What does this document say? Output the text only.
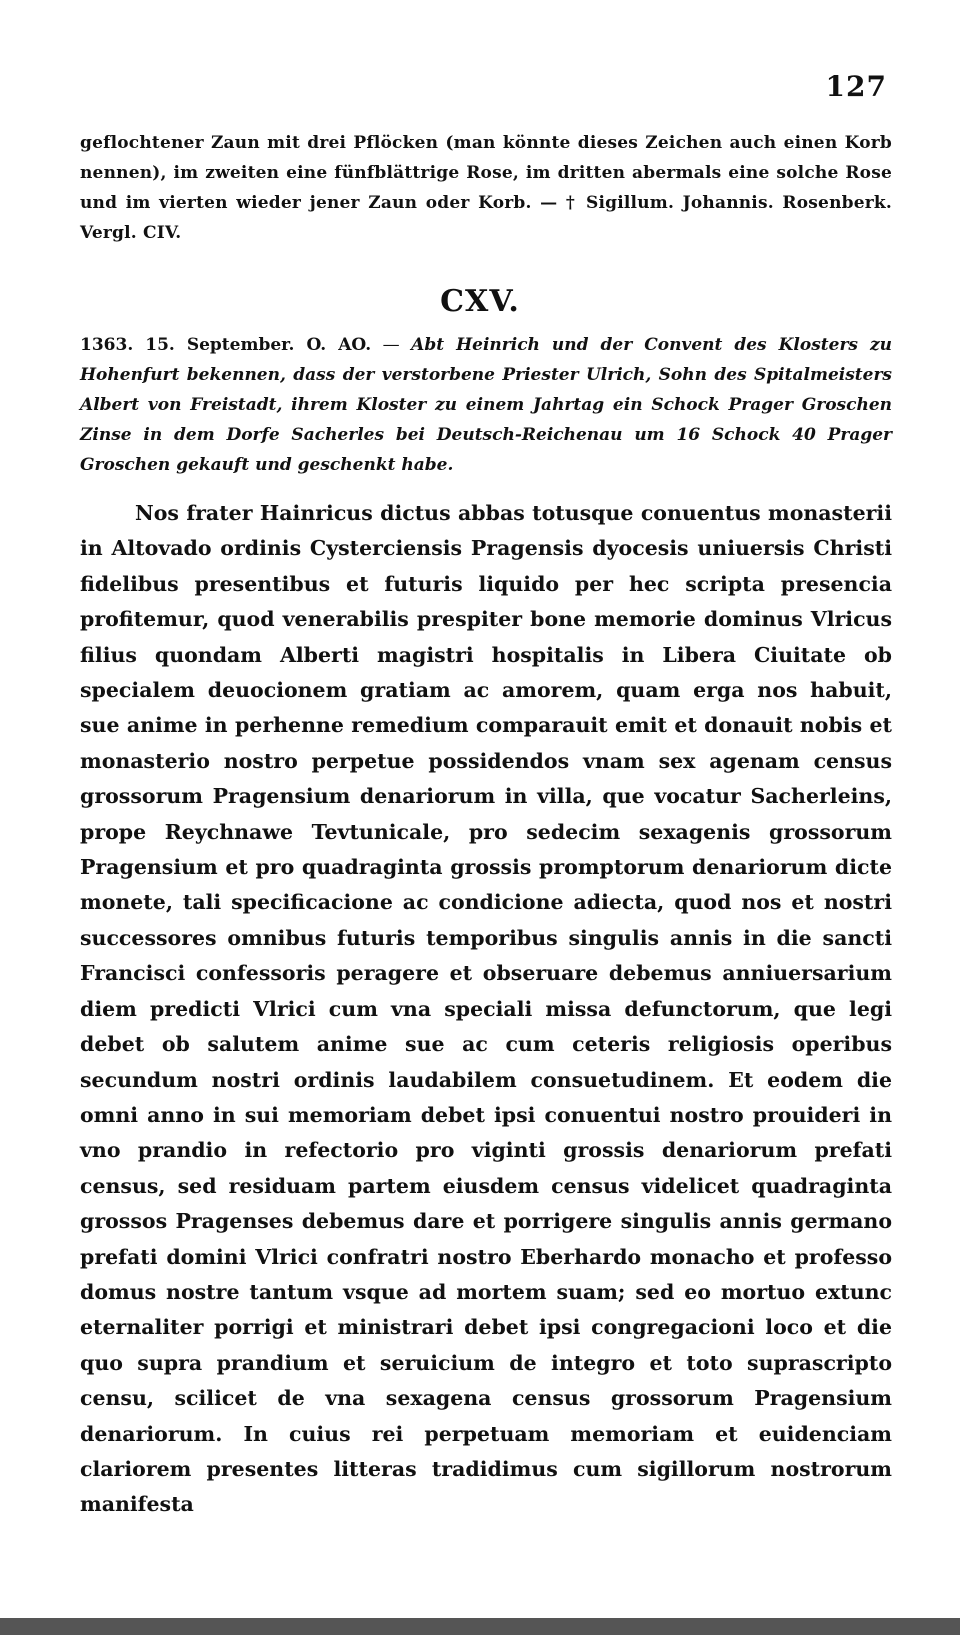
127
geflochtener Zaun mit drei Pflöcken (man könnte dieses Zeichen auch einen Korb nennen), im zweiten eine fünfblättrige Rose, im dritten abermals eine solche Rose und im vierten wieder jener Zaun oder Korb. — † Sigillum. Johannis. Rosenberk. Vergl. CIV.
CXV.
1363. 15. September. O. AO. — Abt Heinrich und der Convent des Klosters zu Hohenfurt bekennen, dass der verstorbene Priester Ulrich, Sohn des Spitalmeisters Albert von Freistadt, ihrem Kloster zu einem Jahrtag ein Schock Prager Groschen Zinse in dem Dorfe Sacherles bei Deutsch-Reichenau um 16 Schock 40 Prager Groschen gekauft und geschenkt habe.

Nos frater Hainricus dictus abbas totusque conuentus monasterii in Altovado ordinis Cysterciensis Pragensis dyocesis uniuersis Christi fidelibus presentibus et futuris liquido per hec scripta presencia profitemur, quod venerabilis prespiter bone memorie dominus Vlricus filius quondam Alberti magistri hospitalis in Libera Ciuitate ob specialem deuocionem gratiam ac amorem, quam erga nos habuit, sue anime in perhenne remedium comparauit emit et donauit nobis et monasterio nostro perpetue possidendos vnam sex agenam census grossorum Pragensium denariorum in villa, que vocatur Sacherleins, prope Reychnawe Tevtunicale, pro sedecim sexagenis grossorum Pragensium et pro quadraginta grossis promptorum denariorum dicte monete, tali specificacione ac condicione adiecta, quod nos et nostri successores omnibus futuris temporibus singulis annis in die sancti Francisci confessoris peragere et obseruare debemus anniuersarium diem predicti Vlrici cum vna speciali missa defunctorum, que legi debet ob salutem anime sue ac cum ceteris religiosis operibus secundum nostri ordinis laudabilem consuetudinem. Et eodem die omni anno in sui memoriam debet ipsi conuentui nostro prouideri in vno prandio in refectorio pro viginti grossis denariorum prefati census, sed residuam partem eiusdem census videlicet quadraginta grossos Pragenses debemus dare et porrigere singulis annis germano prefati domini Vlrici confratri nostro Eberhardo monacho et professo domus nostre tantum vsque ad mortem suam; sed eo mortuo extunc eternaliter porrigi et ministrari debet ipsi congregacioni loco et die quo supra prandium et seruicium de integro et toto suprascripto censu, scilicet de vna sexagena census grossorum Pragensium denariorum. In cuius rei perpetuam memoriam et euidenciam clariorem presentes litteras tradidimus cum sigillorum nostrorum manifesta
